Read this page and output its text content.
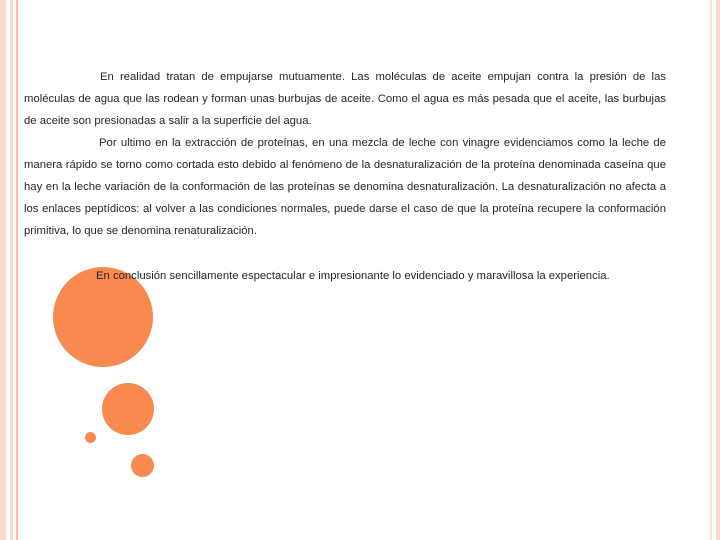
En realidad tratan de empujarse mutuamente. Las moléculas de aceite empujan contra la presión de las moléculas de agua que las rodean y forman unas burbujas de aceite. Como el agua es más pesada que el aceite, las burbujas de aceite son presionadas a salir a la superficie del agua.

Por ultimo en la extracción de proteínas, en una mezcla de leche con vinagre evidenciamos como la leche de manera rápido se torno como cortada esto debido al fenómeno de la desnaturalización de la proteína denominada caseína que hay en la leche variación de la conformación de las proteínas se denomina desnaturalización. La desnaturalización no afecta a los enlaces peptídicos: al volver a las condiciones normales, puede darse el caso de que la proteína recupere la conformación primitiva, lo que se denomina renaturalización.

En conclusión sencillamente espectacular e impresionante lo evidenciado y maravillosa la experiencia.
